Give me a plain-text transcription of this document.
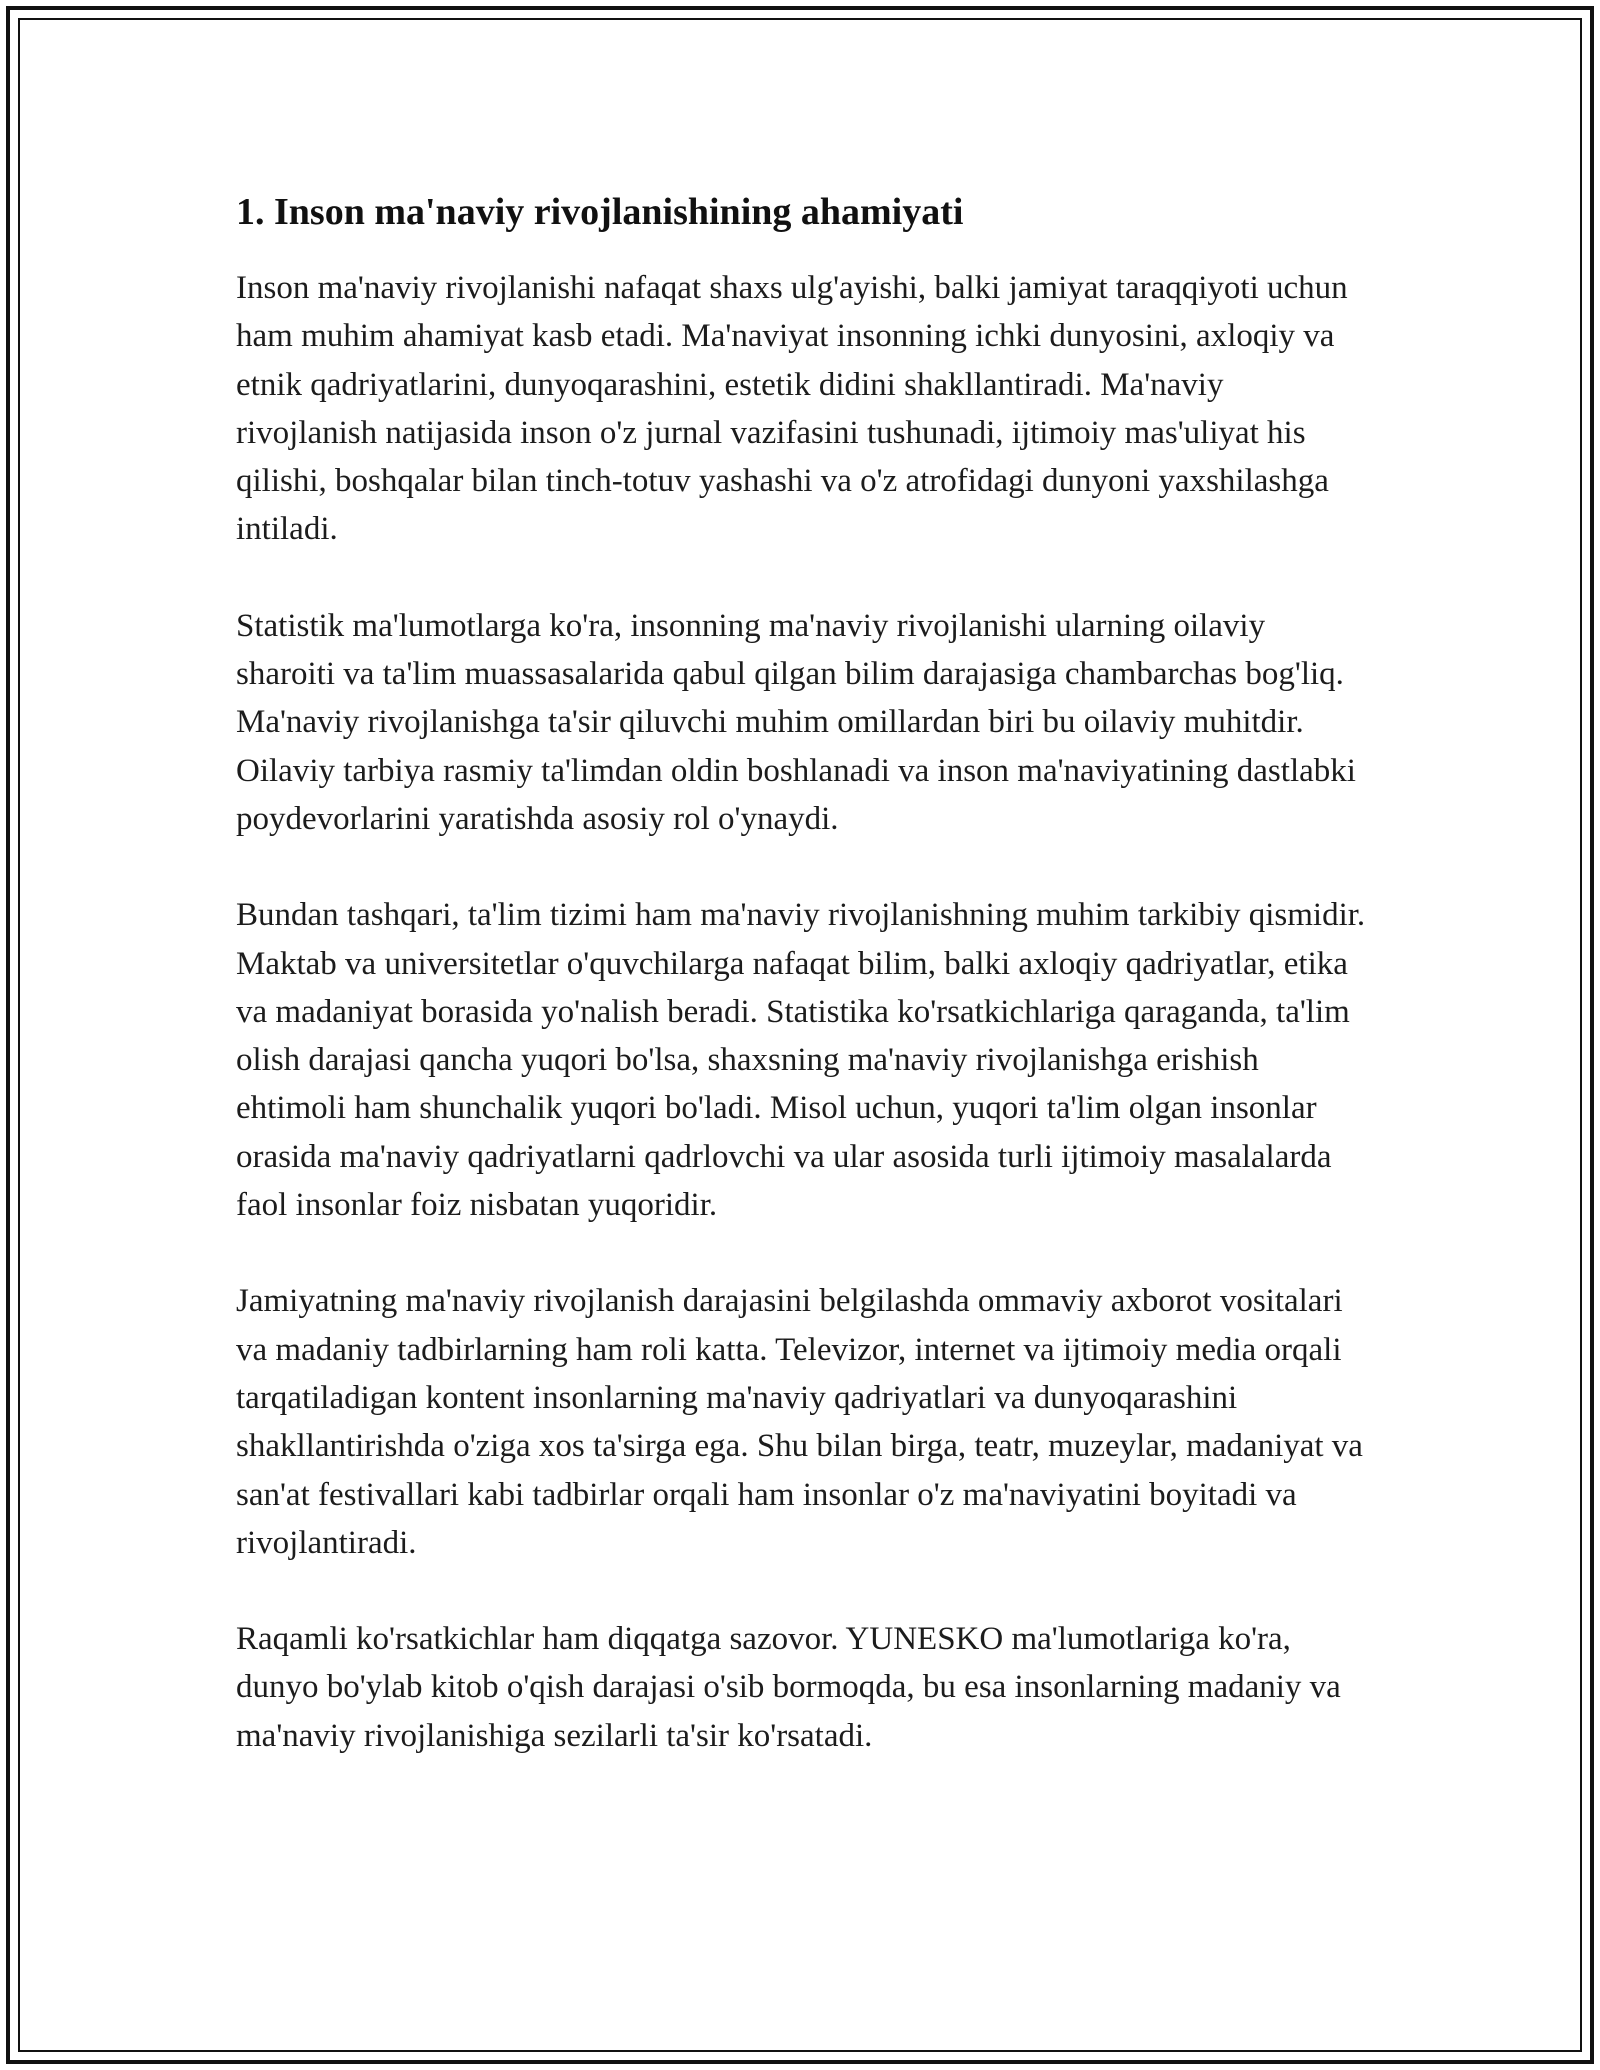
1. Inson ma'naviy rivojlanishining ahamiyati

Inson ma'naviy rivojlanishi nafaqat shaxs ulg'ayishi, balki jamiyat taraqqiyoti uchun ham muhim ahamiyat kasb etadi. Ma'naviyat insonning ichki dunyosini, axloqiy va etnik qadriyatlarini, dunyoqarashini, estetik didini shakllantiradi. Ma'naviy rivojlanish natijasida inson o'z jurnal vazifasini tushunadi, ijtimoiy mas'uliyat his qilishi, boshqalar bilan tinch-totuv yashashi va o'z atrofidagi dunyoni yaxshilashga intiladi.

Statistik ma'lumotlarga ko'ra, insonning ma'naviy rivojlanishi ularning oilaviy sharoiti va ta'lim muassasalarida qabul qilgan bilim darajasiga chambarchas bog'liq. Ma'naviy rivojlanishga ta'sir qiluvchi muhim omillardan biri bu oilaviy muhitdir. Oilaviy tarbiya rasmiy ta'limdan oldin boshlanadi va inson ma'naviyatining dastlabki poydevorlarini yaratishda asosiy rol o'ynaydi.

Bundan tashqari, ta'lim tizimi ham ma'naviy rivojlanishning muhim tarkibiy qismidir. Maktab va universitetlar o'quvchilarga nafaqat bilim, balki axloqiy qadriyatlar, etika va madaniyat borasida yo'nalish beradi. Statistika ko'rsatkichlariga qaraganda, ta'lim olish darajasi qancha yuqori bo'lsa, shaxsning ma'naviy rivojlanishga erishish ehtimoli ham shunchalik yuqori bo'ladi. Misol uchun, yuqori ta'lim olgan insonlar orasida ma'naviy qadriyatlarni qadrlovchi va ular asosida turli ijtimoiy masalalarda faol insonlar foiz nisbatan yuqoridir.

Jamiyatning ma'naviy rivojlanish darajasini belgilashda ommaviy axborot vositalari va madaniy tadbirlarning ham roli katta. Televizor, internet va ijtimoiy media orqali tarqatiladigan kontent insonlarning ma'naviy qadriyatlari va dunyoqarashini shakllantirishda o'ziga xos ta'sirga ega. Shu bilan birga, teatr, muzeylar, madaniyat va san'at festivallari kabi tadbirlar orqali ham insonlar o'z ma'naviyatini boyitadi va rivojlantiradi.

Raqamli ko'rsatkichlar ham diqqatga sazovor. YUNESKO ma'lumotlariga ko'ra, dunyo bo'ylab kitob o'qish darajasi o'sib bormoqda, bu esa insonlarning madaniy va ma'naviy rivojlanishiga sezilarli ta'sir ko'rsatadi.
